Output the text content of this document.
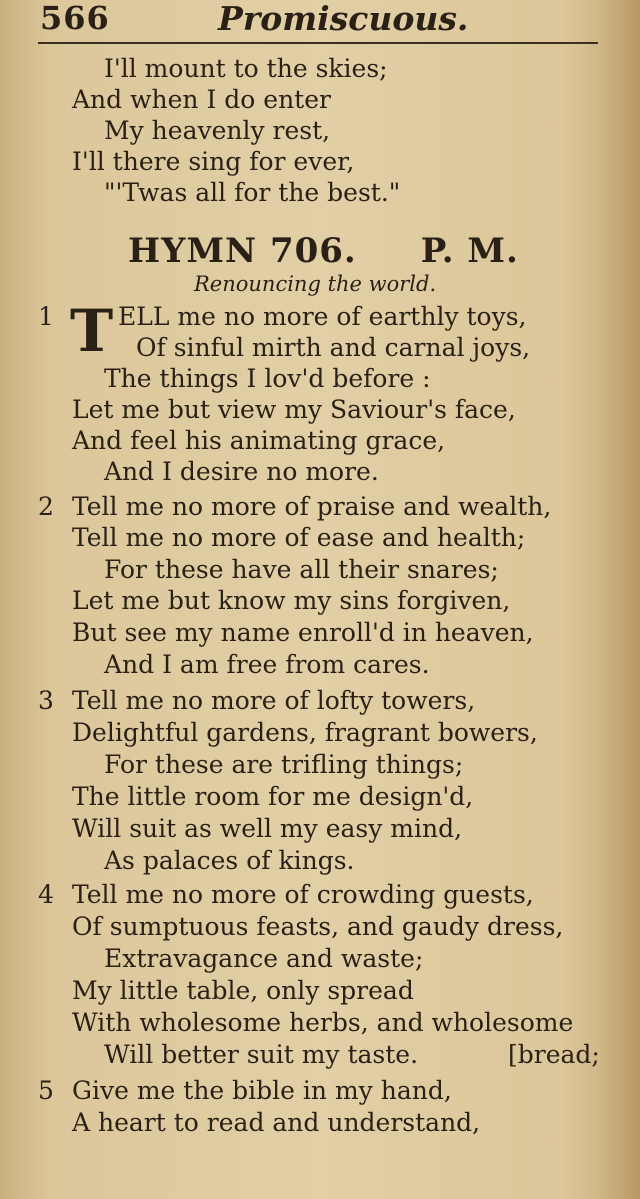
566	Promiscuous.
I'll mount to the skies;
And when I do enter
My heavenly rest,
I'll there sing for ever,
"'Twas all for the best."
HYMN 706. P. M.
Renouncing the world.
1 T ELL me no more of earthly toys,
Of sinful mirth and carnal joys,
The things I lov'd before :
Let me but view my Saviour's face,
And feel his animating grace,
And I desire no more.
2 Tell me no more of praise and wealth,
Tell me no more of ease and health;
For these have all their snares;
Let me but know my sins forgiven,
But see my name enroll'd in heaven,
And I am free from cares.
3 Tell me no more of lofty towers,
Delightful gardens, fragrant bowers,
For these are trifling things;
The little room for me design'd,
Will suit as well my easy mind,
As palaces of kings.
4 Tell me no more of crowding guests,
Of sumptuous feasts, and gaudy dress,
Extravagance and waste;
My little table, only spread
With wholesome herbs, and wholesome
Will better suit my taste.	[bread;
5 Give me the bible in my hand,
A heart to read and understand,
